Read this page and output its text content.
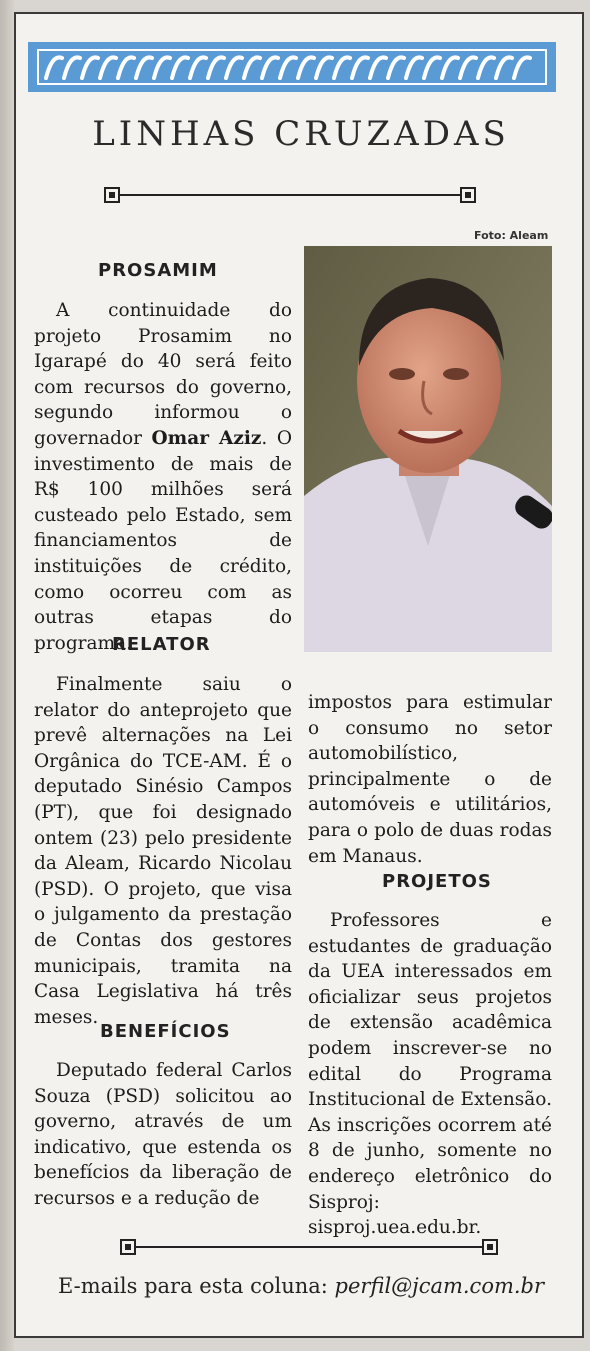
LINHAS CRUZADAS
Foto: Aleam
PROSAMIM
A continuidade do projeto Prosamim no Igarapé do 40 será feito com recursos do governo, segundo informou o governador Omar Aziz. O investimento de mais de R$ 100 milhões será custeado pelo Estado, sem financiamentos de instituições de crédito, como ocorreu com as outras etapas do programa.
RELATOR
Finalmente saiu o relator do anteprojeto que prevê alternações na Lei Orgânica do TCE-AM. É o deputado Sinésio Campos (PT), que foi designado ontem (23) pelo presidente da Aleam, Ricardo Nicolau (PSD). O projeto, que visa o julgamento da prestação de Contas dos gestores municipais, tramita na Casa Legislativa há três meses.
BENEFÍCIOS
Deputado federal Carlos Souza (PSD) solicitou ao governo, através de um indicativo, que estenda os benefícios da liberação de recursos e a redução de
impostos para estimular o consumo no setor automobilístico, principalmente o de automóveis e utilitários, para o polo de duas rodas em Manaus.
PROJETOS
Professores e estudantes de graduação da UEA interessados em oficializar seus projetos de extensão acadêmica podem inscrever-se no edital do Programa Institucional de Extensão. As inscrições ocorrem até 8 de junho, somente no endereço eletrônico do Sisproj: sisproj.uea.edu.br.
E-mails para esta coluna: perfil@jcam.com.br
